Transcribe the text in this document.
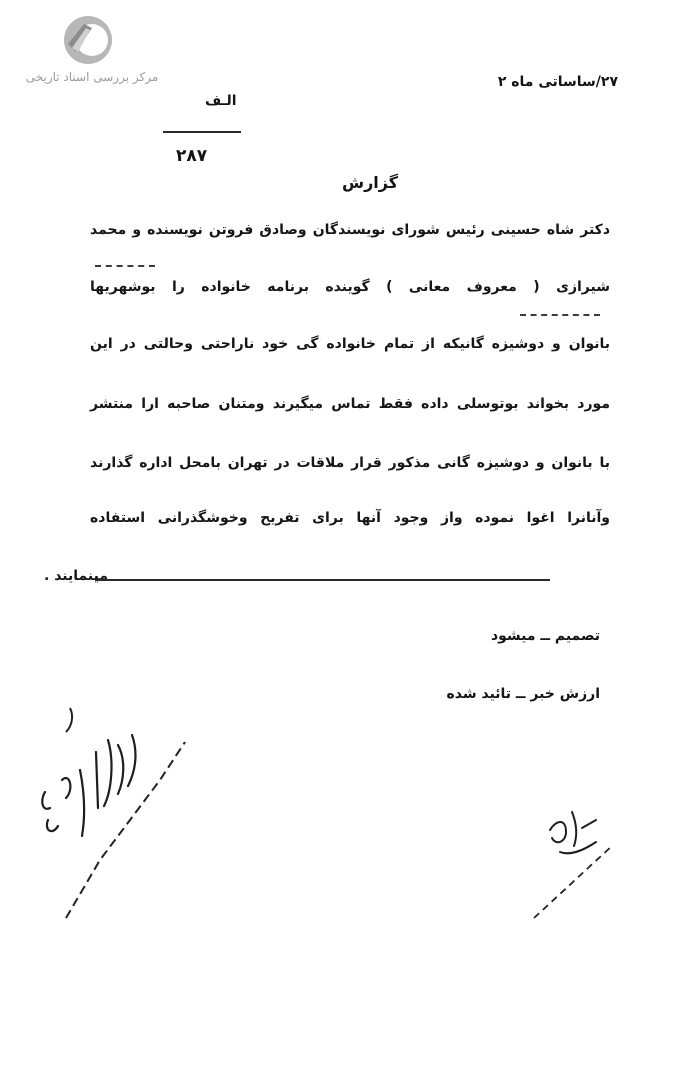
مرکز بررسی اسناد تاریخی	۲۷/ساساتی ماه ۲
الـف
۲۸۷
گزارش
دکتر شاه حسینی رئیس شورای نویسندگان وصادق فروتن نویسنده و محمد
شیرازی ( معروف معانی ) گوینده برنامه خانواده را بوشهریها
بانوان و دوشیزه گانیکه از تمام خانواده گی خود ناراحتی وحالتی در این
مورد بخواند بوتوسلی داده فقط تماس میگیرند ومتنان صاحبه ارا منتشر
با بانوان و دوشیزه گانی مذکور قرار ملاقات در تهران بامحل اداره گذارند
وآنانرا اغوا نموده واز وجود آنها برای تفریح وخوشگذرانی استفاده
مینمایند .
تصمیم ــ میشود
ارزش خبر ــ تائید شده
